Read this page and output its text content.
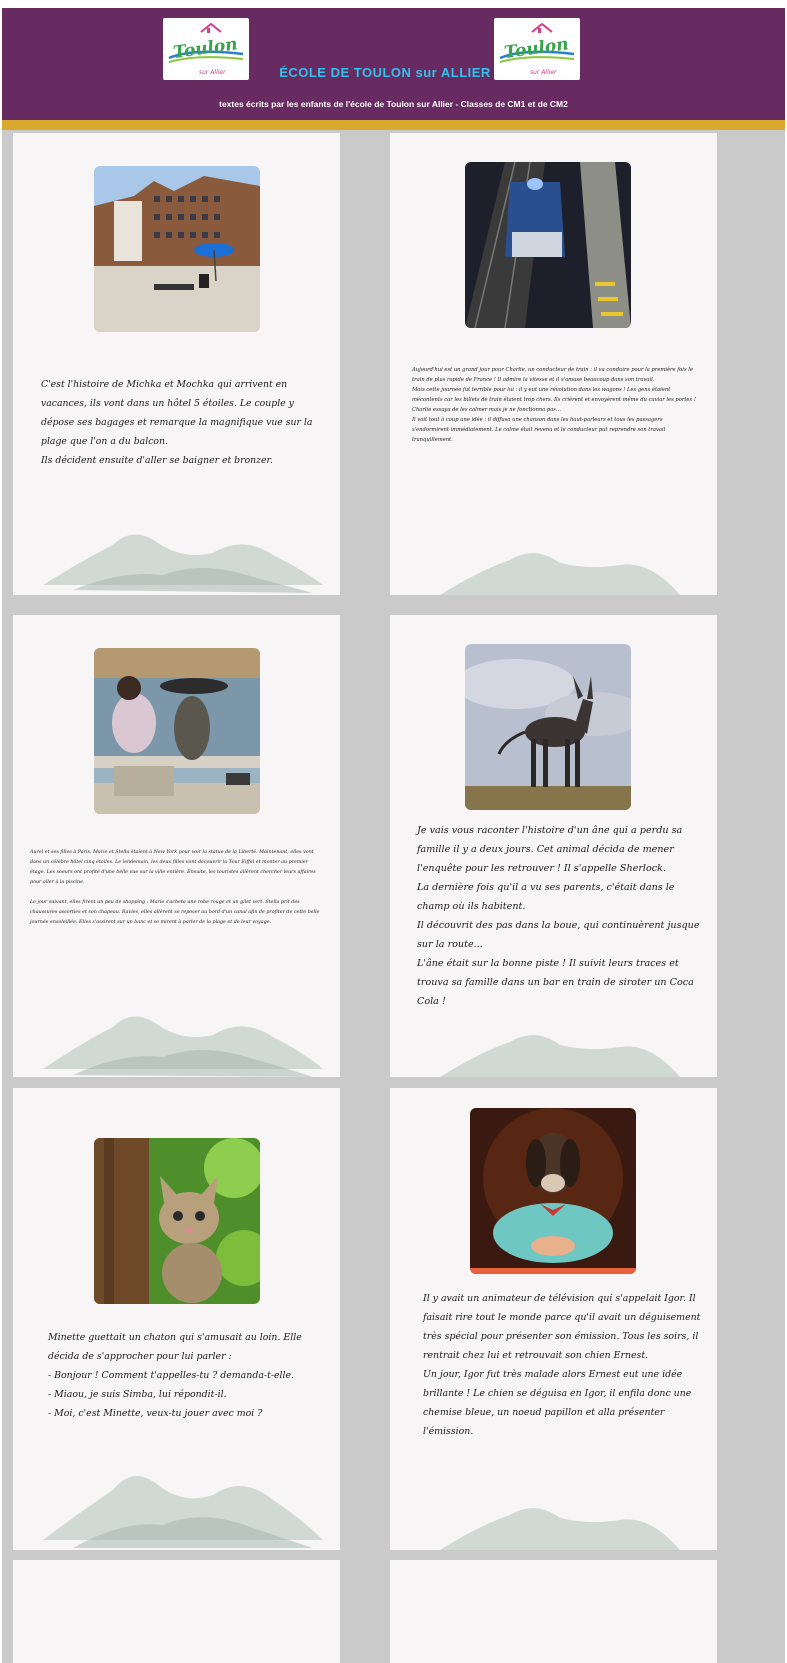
Toulon
sur Allier
Toulon
sur Allier
ÉCOLE DE TOULON sur ALLIER
textes écrits par les enfants de l'école de Toulon sur Allier - Classes de CM1 et de CM2

C'est l'histoire de Michka et Mochka qui arrivent en vacances, ils vont dans un hôtel 5 étoiles. Le couple y dépose ses bagages et remarque la magnifique vue sur la plage que l'on a du balcon.
Ils décident ensuite d'aller se baigner et bronzer.

Aujourd'hui est un grand jour pour Charlie, un conducteur de train : il va conduire pour la première fois le train de plus rapide de France ! Il admire la vitesse et il s'amuse beaucoup dans son travail.
Mais cette journée fut terrible pour lui : il y eut une révolution dans les wagons ! Les gens étaient mécontents car les billets de train étaient trop chers. Ils crièrent et envoyèrent même du caviar les portes ! Charlie essaya de les calmer mais je ne fonctionna pas...
Il voit tout à coup une idée : il diffusa une chanson dans les haut-parleurs et tous les passagers s'endormirent immédiatement. Le calme était revenu et le conducteur put reprendre son travail tranquillement.

Aurel et ses filles à Paris, Marie et Stella étaient à New York pour voir la statue de la Liberté. Maintenant, elles vont dans un célèbre hôtel cinq étoiles. Le lendemain, les deux filles vont découvrir la Tour Eiffel et monter au premier étage. Les soeurs ont profité d'une belle vue sur la ville entière. Ensuite, les touristes allèrent chercher leurs affaires pour aller à la piscine.

Le jour suivant, elles firent un peu de shopping : Marie s'acheta une robe rouge et un gilet vert. Stella prit des chaussures assorties et son chapeau. Ravies, elles allèrent se reposer au bord d'un canal afin de profiter de cette belle journée ensoleillée. Elles s'assirent sur un banc et se mirent à parler de la plage et de leur voyage.

Je vais vous raconter l'histoire d'un âne qui a perdu sa famille il y a deux jours. Cet animal décida de mener l'enquête pour les retrouver ! Il s'appelle Sherlock.
La dernière fois qu'il a vu ses parents, c'était dans le champ où ils habitent.
Il découvrit des pas dans la boue, qui continuèrent jusque sur la route...
L'âne était sur la bonne piste ! Il suivit leurs traces et trouva sa famille dans un bar en train de siroter un Coca Cola !

Minette guettait un chaton qui s'amusait au loin. Elle décida de s'approcher pour lui parler :
- Bonjour ! Comment t'appelles-tu ? demanda-t-elle.
- Miaou, je suis Simba, lui répondit-il.
- Moi, c'est Minette, veux-tu jouer avec moi ?

Il y avait un animateur de télévision qui s'appelait Igor. Il faisait rire tout le monde parce qu'il avait un déguisement très spécial pour présenter son émission. Tous les soirs, il rentrait chez lui et retrouvait son chien Ernest.
Un jour, Igor fut très malade alors Ernest eut une idée brillante ! Le chien se déguisa en Igor, il enfila donc une chemise bleue, un noeud papillon et alla présenter l'émission.
